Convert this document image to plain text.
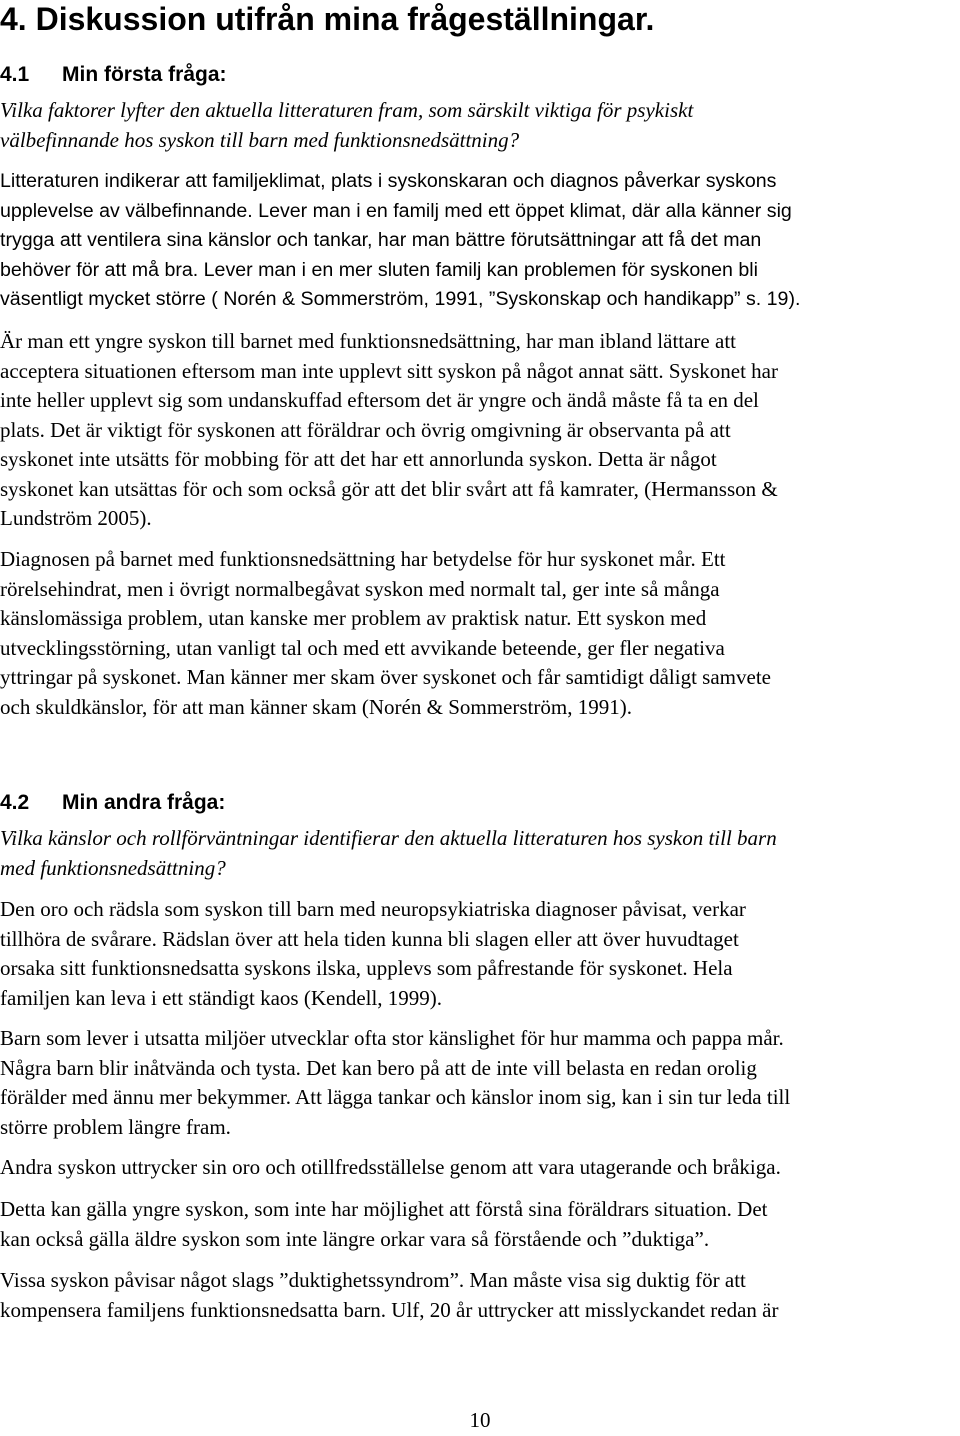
4. Diskussion utifrån mina frågeställningar.
4.1 Min första fråga:
Vilka faktorer lyfter den aktuella litteraturen fram, som särskilt viktiga för psykiskt
välbefinnande hos syskon till barn med funktionsnedsättning?
Litteraturen indikerar att familjeklimat, plats i syskonskaran och diagnos påverkar syskons
upplevelse av välbefinnande. Lever man i en familj med ett öppet klimat, där alla känner sig
trygga att ventilera sina känslor och tankar, har man bättre förutsättningar att få det man
behöver för att må bra. Lever man i en mer sluten familj kan problemen för syskonen bli
väsentligt mycket större ( Norén & Sommerström, 1991, ”Syskonskap och handikapp” s. 19).
Är man ett yngre syskon till barnet med funktionsnedsättning, har man ibland lättare att
acceptera situationen eftersom man inte upplevt sitt syskon på något annat sätt. Syskonet har
inte heller upplevt sig som undanskuffad eftersom det är yngre och ändå måste få ta en del
plats. Det är viktigt för syskonen att föräldrar och övrig omgivning är observanta på att
syskonet inte utsätts för mobbing för att det har ett annorlunda syskon. Detta är något
syskonet kan utsättas för och som också gör att det blir svårt att få kamrater, (Hermansson &
Lundström 2005).
Diagnosen på barnet med funktionsnedsättning har betydelse för hur syskonet mår. Ett
rörelsehindrat, men i övrigt normalbegåvat syskon med normalt tal, ger inte så många
känslomässiga problem, utan kanske mer problem av praktisk natur. Ett syskon med
utvecklingsstörning, utan vanligt tal och med ett avvikande beteende, ger fler negativa
yttringar på syskonet. Man känner mer skam över syskonet och får samtidigt dåligt samvete
och skuldkänslor, för att man känner skam (Norén & Sommerström, 1991).
4.2 Min andra fråga:
Vilka känslor och rollförväntningar identifierar den aktuella litteraturen hos syskon till barn
med funktionsnedsättning?
Den oro och rädsla som syskon till barn med neuropsykiatriska diagnoser påvisat, verkar
tillhöra de svårare. Rädslan över att hela tiden kunna bli slagen eller att över huvudtaget
orsaka sitt funktionsnedsatta syskons ilska, upplevs som påfrestande för syskonet. Hela
familjen kan leva i ett ständigt kaos (Kendell, 1999).
Barn som lever i utsatta miljöer utvecklar ofta stor känslighet för hur mamma och pappa mår.
Några barn blir inåtvända och tysta. Det kan bero på att de inte vill belasta en redan orolig
förälder med ännu mer bekymmer. Att lägga tankar och känslor inom sig, kan i sin tur leda till
större problem längre fram.
Andra syskon uttrycker sin oro och otillfredsställelse genom att vara utagerande och bråkiga.
Detta kan gälla yngre syskon, som inte har möjlighet att förstå sina föräldrars situation. Det
kan också gälla äldre syskon som inte längre orkar vara så förstående och ”duktiga”.
Vissa syskon påvisar något slags ”duktighetssyndrom”. Man måste visa sig duktig för att
kompensera familjens funktionsnedsatta barn. Ulf, 20 år uttrycker att misslyckandet redan är
10
